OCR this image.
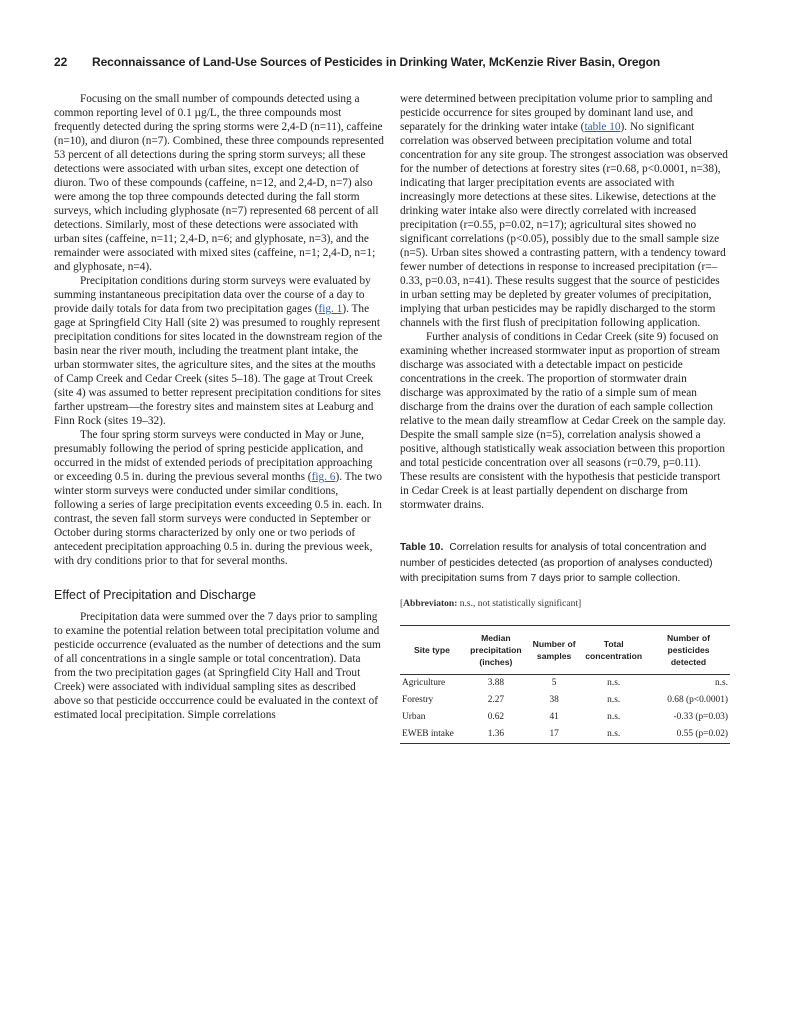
22 Reconnaissance of Land-Use Sources of Pesticides in Drinking Water, McKenzie River Basin, Oregon

Focusing on the small number of compounds detected using a common reporting level of 0.1 µg/L, the three compounds most frequently detected during the spring storms were 2,4-D (n=11), caffeine (n=10), and diuron (n=7). Combined, these three compounds represented 53 percent of all detections during the spring storm surveys; all these detections were associated with urban sites, except one detection of diuron. Two of these compounds (caffeine, n=12, and 2,4-D, n=7) also were among the top three compounds detected during the fall storm surveys, which including glyphosate (n=7) represented 68 percent of all detections. Similarly, most of these detections were associated with urban sites (caffeine, n=11; 2,4-D, n=6; and glyphosate, n=3), and the remainder were associated with mixed sites (caffeine, n=1; 2,4-D, n=1; and glyphosate, n=4).

Precipitation conditions during storm surveys were evaluated by summing instantaneous precipitation data over the course of a day to provide daily totals for data from two precipitation gages (fig. 1). The gage at Springfield City Hall (site 2) was presumed to roughly represent precipitation conditions for sites located in the downstream region of the basin near the river mouth, including the treatment plant intake, the urban stormwater sites, the agriculture sites, and the sites at the mouths of Camp Creek and Cedar Creek (sites 5–18). The gage at Trout Creek (site 4) was assumed to better represent precipitation conditions for sites farther upstream—the forestry sites and mainstem sites at Leaburg and Finn Rock (sites 19–32).

The four spring storm surveys were conducted in May or June, presumably following the period of spring pesticide application, and occurred in the midst of extended periods of precipitation approaching or exceeding 0.5 in. during the previous several months (fig. 6). The two winter storm surveys were conducted under similar conditions, following a series of large precipitation events exceeding 0.5 in. each. In contrast, the seven fall storm surveys were conducted in September or October during storms characterized by only one or two periods of antecedent precipitation approaching 0.5 in. during the previous week, with dry conditions prior to that for several months.

Effect of Precipitation and Discharge

Precipitation data were summed over the 7 days prior to sampling to examine the potential relation between total precipitation volume and pesticide occurrence (evaluated as the number of detections and the sum of all concentrations in a single sample or total concentration). Data from the two precipitation gages (at Springfield City Hall and Trout Creek) were associated with individual sampling sites as described above so that pesticide occcurrence could be evaluated in the context of estimated local precipitation. Simple correlations

were determined between precipitation volume prior to sampling and pesticide occurrence for sites grouped by dominant land use, and separately for the drinking water intake (table 10). No significant correlation was observed between precipitation volume and total concentration for any site group. The strongest association was observed for the number of detections at forestry sites (r=0.68, p<0.0001, n=38), indicating that larger precipitation events are associated with increasingly more detections at these sites. Likewise, detections at the drinking water intake also were directly correlated with increased precipitation (r=0.55, p=0.02, n=17); agricultural sites showed no significant correlations (p<0.05), possibly due to the small sample size (n=5). Urban sites showed a contrasting pattern, with a tendency toward fewer number of detections in response to increased precipitation (r=–0.33, p=0.03, n=41). These results suggest that the source of pesticides in urban setting may be depleted by greater volumes of precipitation, implying that urban pesticides may be rapidly discharged to the storm channels with the first flush of precipitation following application.

Further analysis of conditions in Cedar Creek (site 9) focused on examining whether increased stormwater input as proportion of stream discharge was associated with a detectable impact on pesticide concentrations in the creek. The proportion of stormwater drain discharge was approximated by the ratio of a simple sum of mean discharge from the drains over the duration of each sample collection relative to the mean daily streamflow at Cedar Creek on the sample day. Despite the small sample size (n=5), correlation analysis showed a positive, although statistically weak association between this proportion and total pesticide concentration over all seasons (r=0.79, p=0.11). These results are consistent with the hypothesis that pesticide transport in Cedar Creek is at least partially dependent on discharge from stormwater drains.

Table 10. Correlation results for analysis of total concentration and number of pesticides detected (as proportion of analyses conducted) with precipitation sums from 7 days prior to sample collection.
[Abbreviaton: n.s., not statistically significant]
Site type	Median precipitation (inches)	Number of samples	Total concentration	Number of pesticides detected
Agriculture	3.88	5	n.s.	n.s.
Forestry	2.27	38	n.s.	0.68 (p<0.0001)
Urban	0.62	41	n.s.	-0.33 (p=0.03)
EWEB intake	1.36	17	n.s.	0.55 (p=0.02)
